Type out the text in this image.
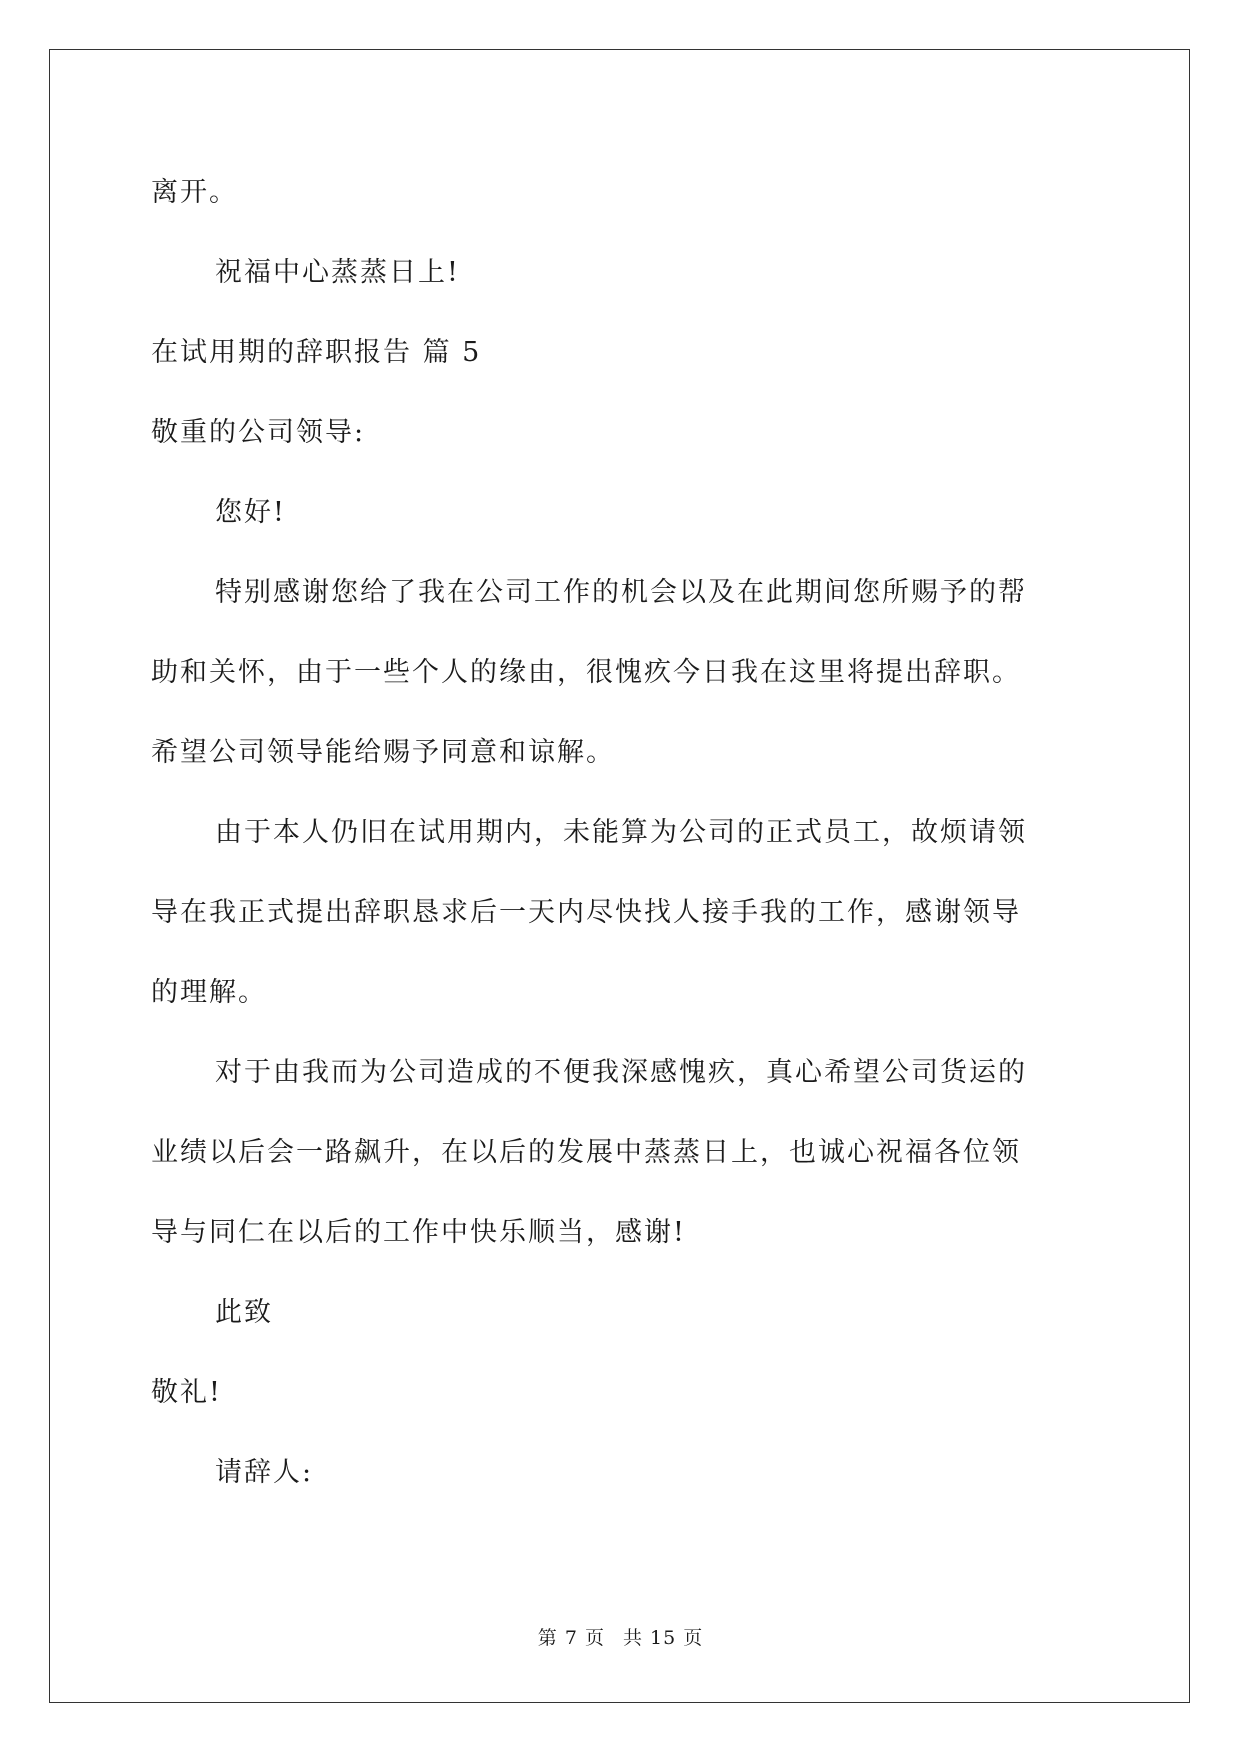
离开。

祝福中心蒸蒸日上!

在试用期的辞职报告 篇 5

敬重的公司领导:

您好!

特别感谢您给了我在公司工作的机会以及在此期间您所赐予的帮

助和关怀，由于一些个人的缘由，很愧疚今日我在这里将提出辞职。

希望公司领导能给赐予同意和谅解。

由于本人仍旧在试用期内，未能算为公司的正式员工，故烦请领

导在我正式提出辞职恳求后一天内尽快找人接手我的工作，感谢领导

的理解。

对于由我而为公司造成的不便我深感愧疚，真心希望公司货运的

业绩以后会一路飙升，在以后的发展中蒸蒸日上，也诚心祝福各位领

导与同仁在以后的工作中快乐顺当，感谢!

此致

敬礼!

请辞人:

第 7 页 共 15 页
